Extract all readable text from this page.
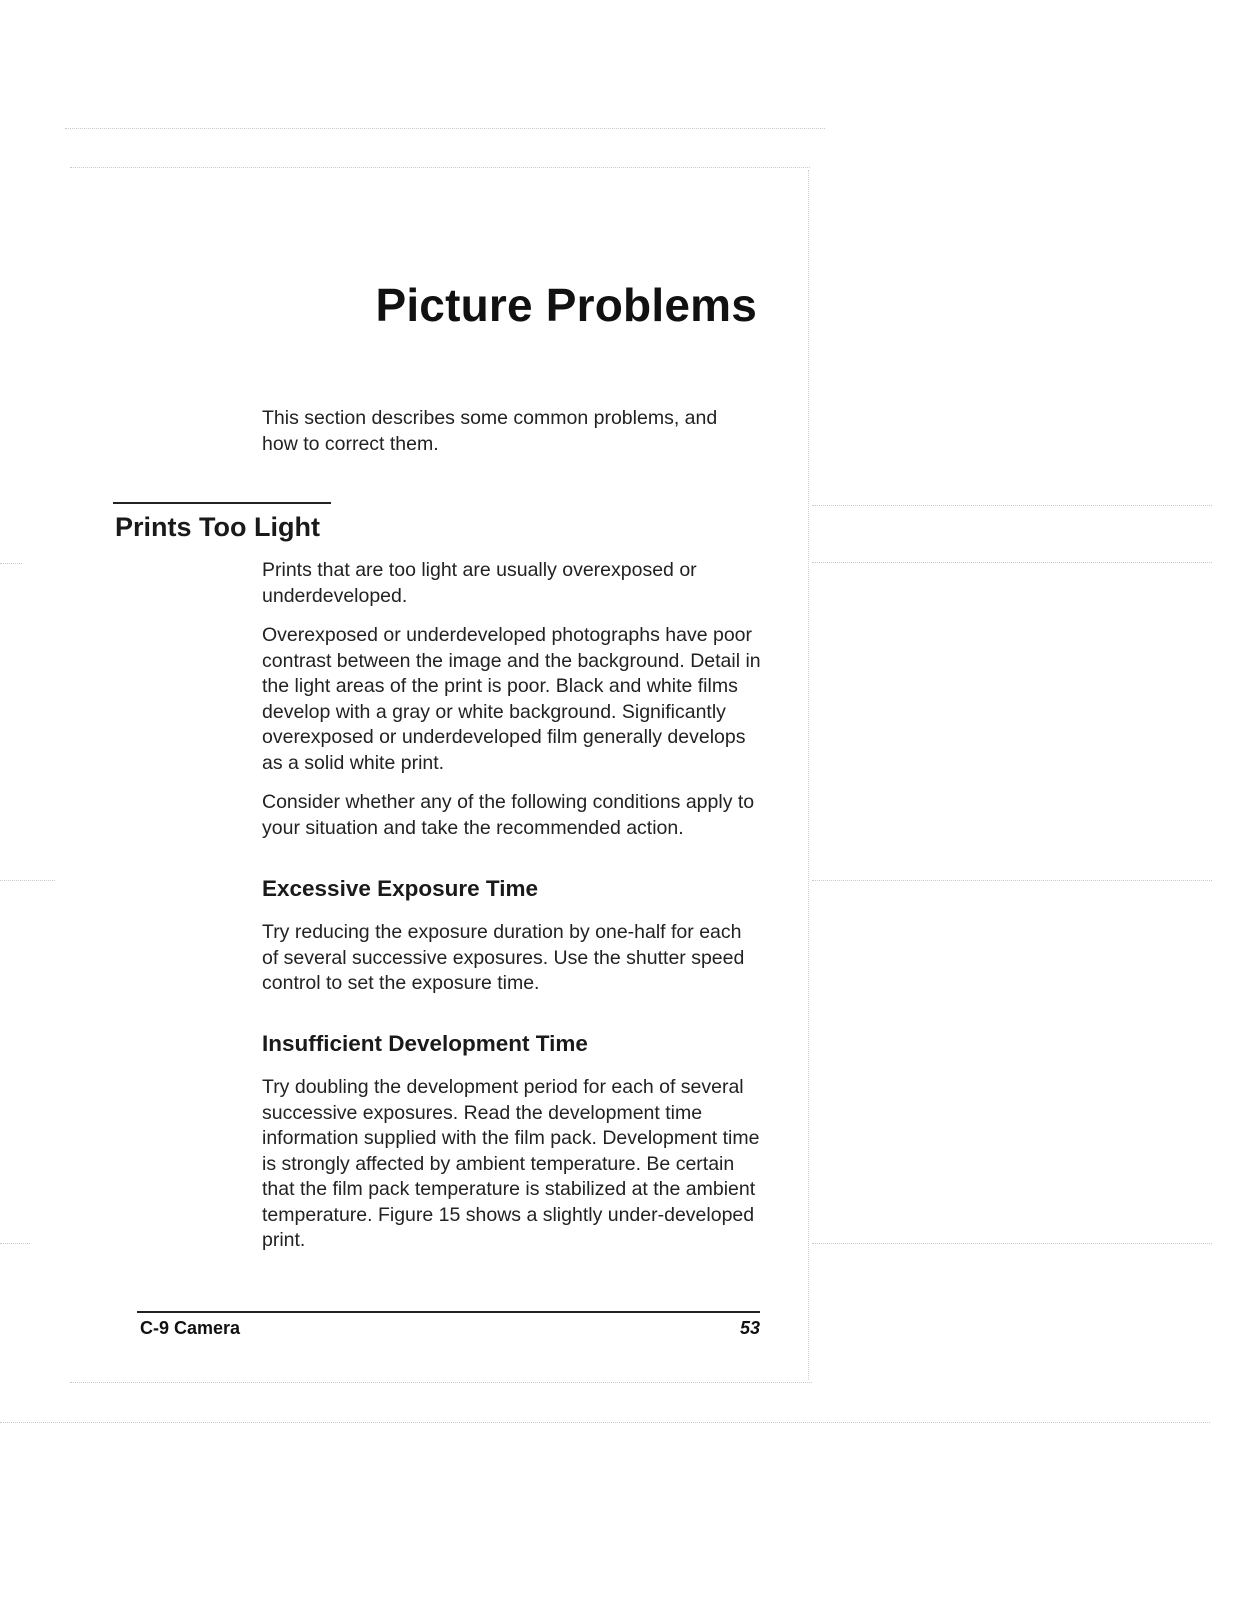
Picture Problems

This section describes some common problems, and how to correct them.

Prints Too Light

Prints that are too light are usually overexposed or underdeveloped.

Overexposed or underdeveloped photographs have poor contrast between the image and the background. Detail in the light areas of the print is poor. Black and white films develop with a gray or white background. Significantly overexposed or underdeveloped film generally develops as a solid white print.

Consider whether any of the following conditions apply to your situation and take the recommended action.

Excessive Exposure Time

Try reducing the exposure duration by one-half for each of several successive exposures. Use the shutter speed control to set the exposure time.

Insufficient Development Time

Try doubling the development period for each of several successive exposures. Read the development time information supplied with the film pack. Development time is strongly affected by ambient temperature. Be certain that the film pack temperature is stabilized at the ambient temperature. Figure 15 shows a slightly under-developed print.

C-9 Camera	53
